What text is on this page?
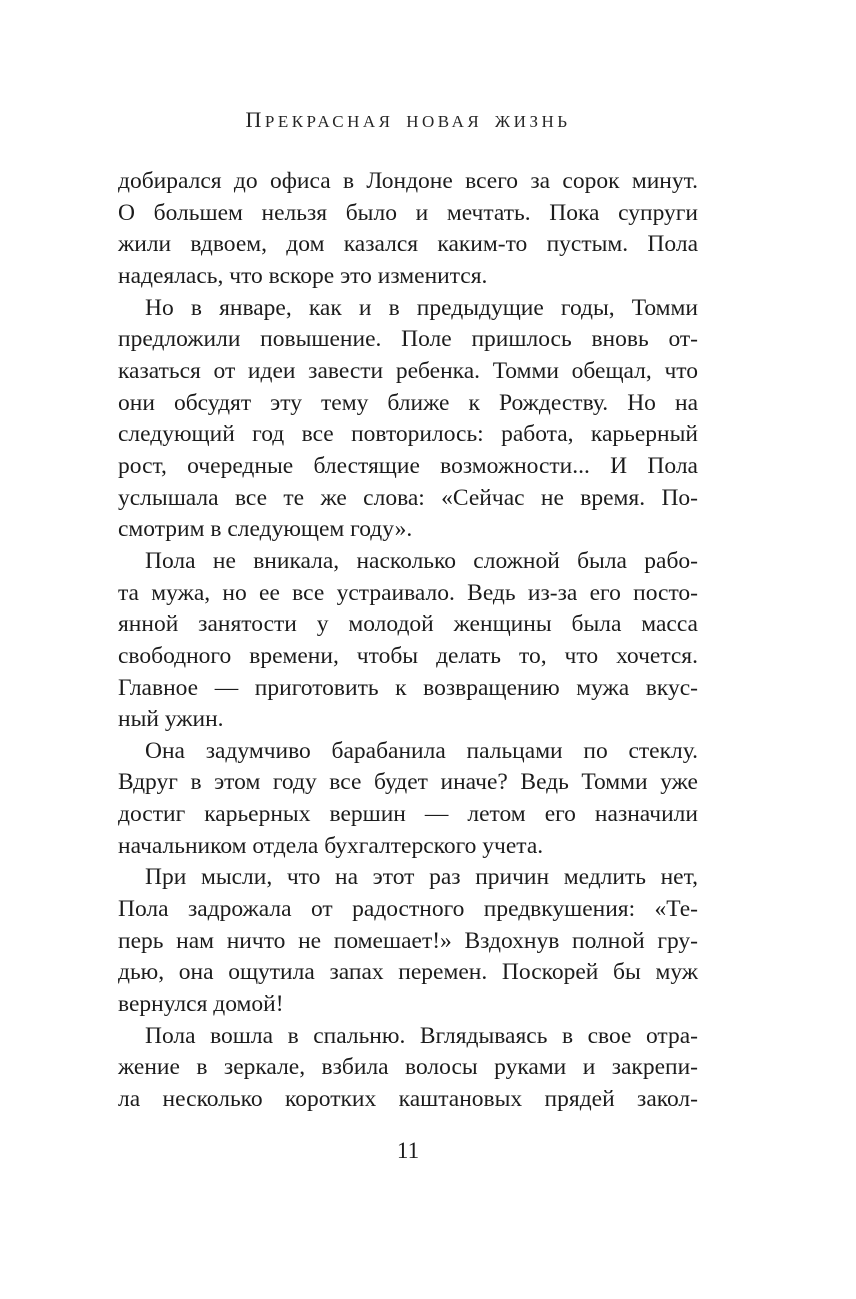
ПРЕКРАСНАЯ НОВАЯ ЖИЗНЬ
добирался до офиса в Лондоне всего за сорок минут.
О большем нельзя было и мечтать. Пока супруги
жили вдвоем, дом казался каким-то пустым. Пола
надеялась, что вскоре это изменится.
Но в январе, как и в предыдущие годы, Томми
предложили повышение. Поле пришлось вновь от-
казаться от идеи завести ребенка. Томми обещал, что
они обсудят эту тему ближе к Рождеству. Но на
следующий год все повторилось: работа, карьерный
рост, очередные блестящие возможности... И Пола
услышала все те же слова: «Сейчас не время. По-
смотрим в следующем году».
Пола не вникала, насколько сложной была рабо-
та мужа, но ее все устраивало. Ведь из-за его посто-
янной занятости у молодой женщины была масса
свободного времени, чтобы делать то, что хочется.
Главное — приготовить к возвращению мужа вкус-
ный ужин.
Она задумчиво барабанила пальцами по стеклу.
Вдруг в этом году все будет иначе? Ведь Томми уже
достиг карьерных вершин — летом его назначили
начальником отдела бухгалтерского учета.
При мысли, что на этот раз причин медлить нет,
Пола задрожала от радостного предвкушения: «Те-
перь нам ничто не помешает!» Вздохнув полной гру-
дью, она ощутила запах перемен. Поскорей бы муж
вернулся домой!
Пола вошла в спальню. Вглядываясь в свое отра-
жение в зеркале, взбила волосы руками и закрепи-
ла несколько коротких каштановых прядей закол-
11
